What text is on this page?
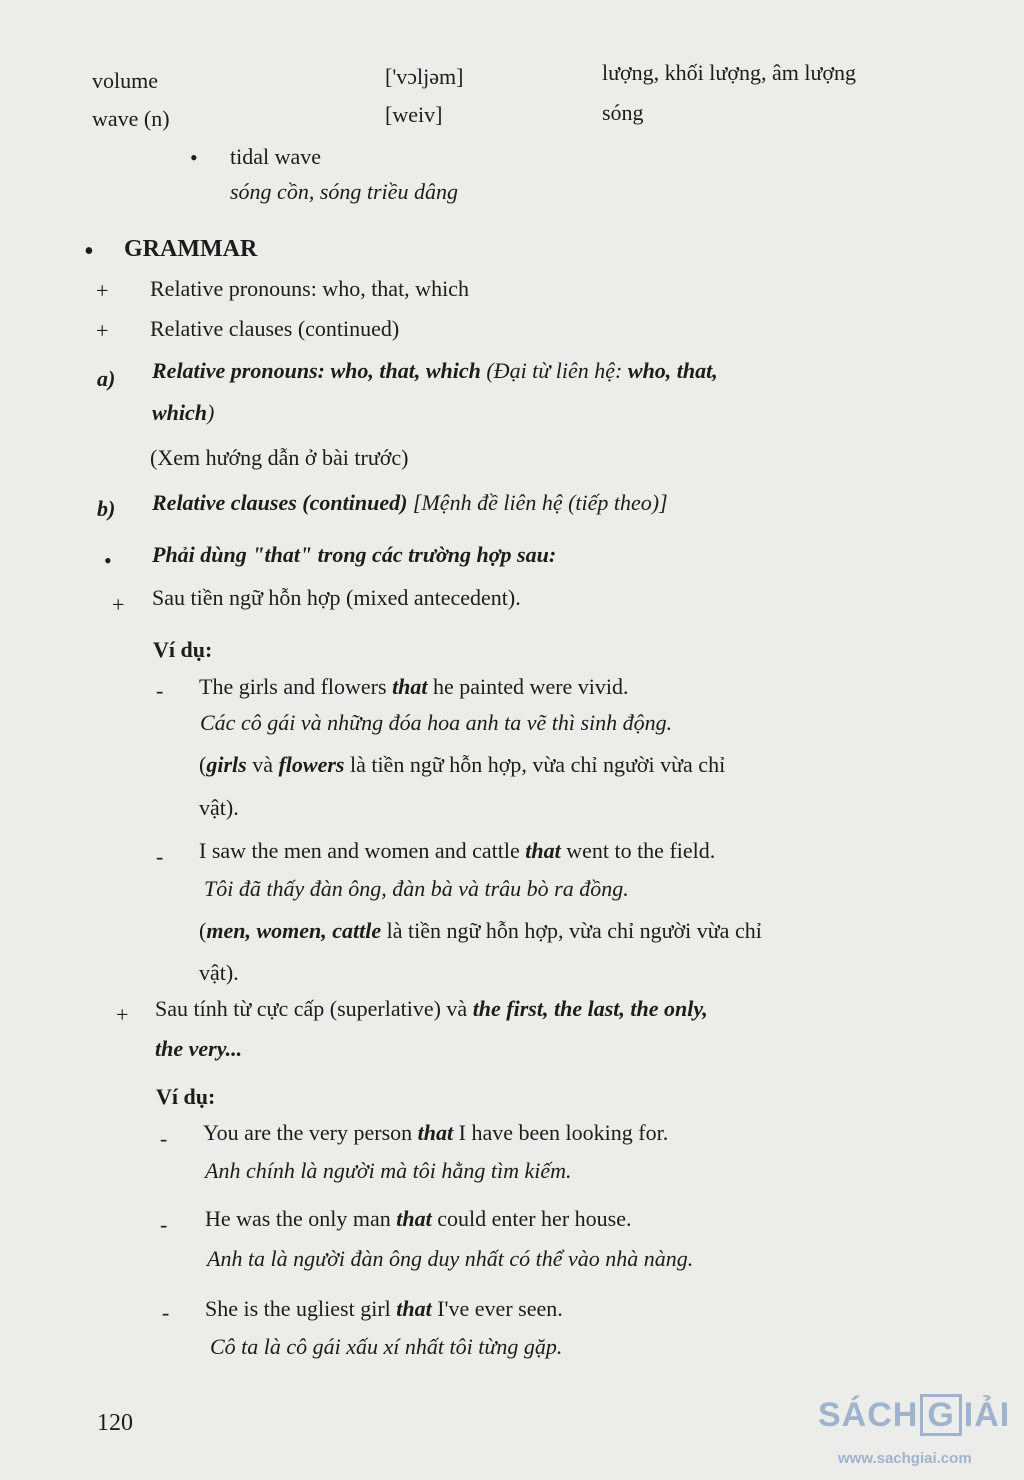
volume	['vɔljəm]	lượng, khối lượng, âm lượng
wave (n)	[weiv]	sóng
• tidal wave
sóng cồn, sóng triều dâng
• GRAMMAR
+ Relative pronouns: who, that, which
+ Relative clauses (continued)
a) Relative pronouns: who, that, which (Đại từ liên hệ: who, that,
which)
(Xem hướng dẫn ở bài trước)
b) Relative clauses (continued) [Mệnh đề liên hệ (tiếp theo)]
• Phải dùng "that" trong các trường hợp sau:
+ Sau tiền ngữ hỗn hợp (mixed antecedent).
Ví dụ:
- The girls and flowers that he painted were vivid.
Các cô gái và những đóa hoa anh ta vẽ thì sinh động.
(girls và flowers là tiền ngữ hỗn hợp, vừa chỉ người vừa chỉ
vật).
- I saw the men and women and cattle that went to the field.
Tôi đã thấy đàn ông, đàn bà và trâu bò ra đồng.
(men, women, cattle là tiền ngữ hỗn hợp, vừa chỉ người vừa chỉ
vật).
+ Sau tính từ cực cấp (superlative) và the first, the last, the only,
the very...
Ví dụ:
- You are the very person that I have been looking for.
Anh chính là người mà tôi hằng tìm kiếm.
- He was the only man that could enter her house.
Anh ta là người đàn ông duy nhất có thể vào nhà nàng.
- She is the ugliest girl that I've ever seen.
Cô ta là cô gái xấu xí nhất tôi từng gặp.
120	SÁCH G IẢI
www.sachgiai.com
